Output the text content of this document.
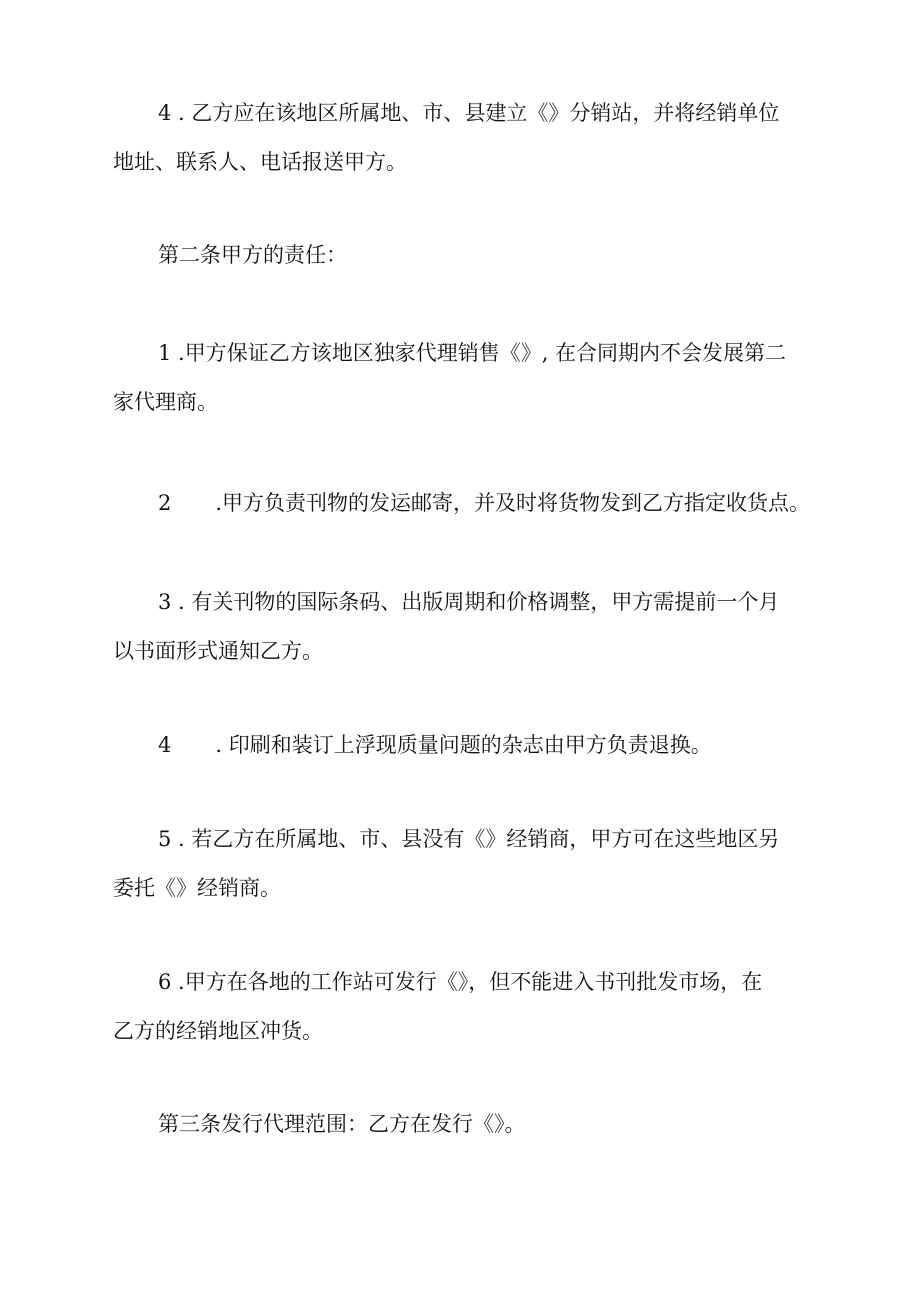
4 . 乙方应在该地区所属地、市、县建立《》分销站，并将经销单位
地址、联系人、电话报送甲方。
第二条甲方的责任：
1 .甲方保证乙方该地区独家代理销售《》, 在合同期内不会发展第二
家代理商。
2 .甲方负责刊物的发运邮寄，并及时将货物发到乙方指定收货点。
3 . 有关刊物的国际条码、出版周期和价格调整，甲方需提前一个月
以书面形式通知乙方。
4 . 印刷和装订上浮现质量问题的杂志由甲方负责退换。
5 . 若乙方在所属地、市、县没有《》经销商，甲方可在这些地区另
委托《》经销商。
6 .甲方在各地的工作站可发行《》，但不能进入书刊批发市场，在
乙方的经销地区冲货。
第三条发行代理范围：乙方在发行《》。
